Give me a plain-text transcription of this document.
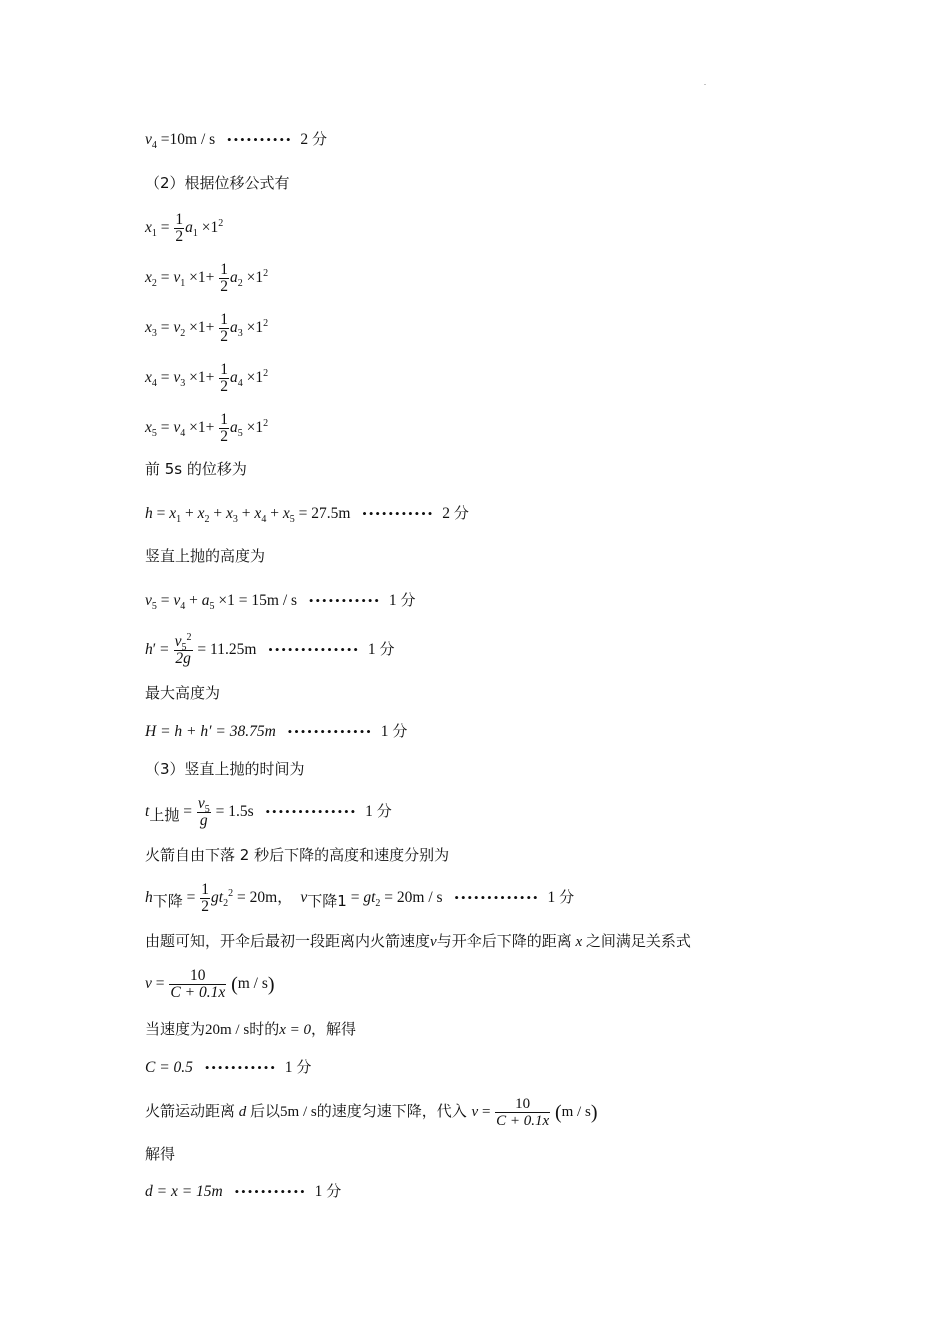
.
$v_4 =10m / s$ •••••••••• 2 分
（2）根据位移公式有
$x_1 = \frac{1}{2} a_1 \times 1^2$
$x_2 = v_1 \times 1+ \frac{1}{2} a_2 \times 1^2$
$x_3 = v_2 \times 1+ \frac{1}{2} a_3 \times 1^2$
$x_4 = v_3 \times 1+ \frac{1}{2} a_4 \times 1^2$
$x_5 = v_4 \times 1+ \frac{1}{2} a_5 \times 1^2$
前 5s 的位移为
$h = x_1 + x_2 + x_3 + x_4 + x_5 = 27.5m$ ••••••••••• 2 分
竖直上抛的高度为
$v_5 = v_4 + a_5 \times 1 = 15m / s$ ••••••••••• 1 分
$h' = \frac{v_5^2}{2g} = 11.25m$ •••••••••••••• 1 分
最大高度为
H = h + h′ = 38.75m ••••••••••••• 1 分
（3）竖直上抛的时间为
$t_{上抛} = \frac{v_5}{g} = 1.5s$ •••••••••••••• 1 分
火箭自由下落 2 秒后下降的高度和速度分别为
$h_{下降} = \frac{1}{2} gt_2^2 = 20m$， $v_{下降1} = gt_2 = 20m / s$ ••••••••••••• 1 分
由题可知，开伞后最初一段距离内火箭速度v与开伞后下降的距离 x 之间满足关系式
$v = \frac{10}{C + 0.1x} (m / s)$
当速度为20m / s时的x = 0，解得
C = 0.5 ••••••••••• 1 分
火箭运动距离 d 后以5m / s的速度匀速下降，代入 $v = \frac{10}{C + 0.1x} (m / s)$
解得
d = x = 15m ••••••••••• 1 分
